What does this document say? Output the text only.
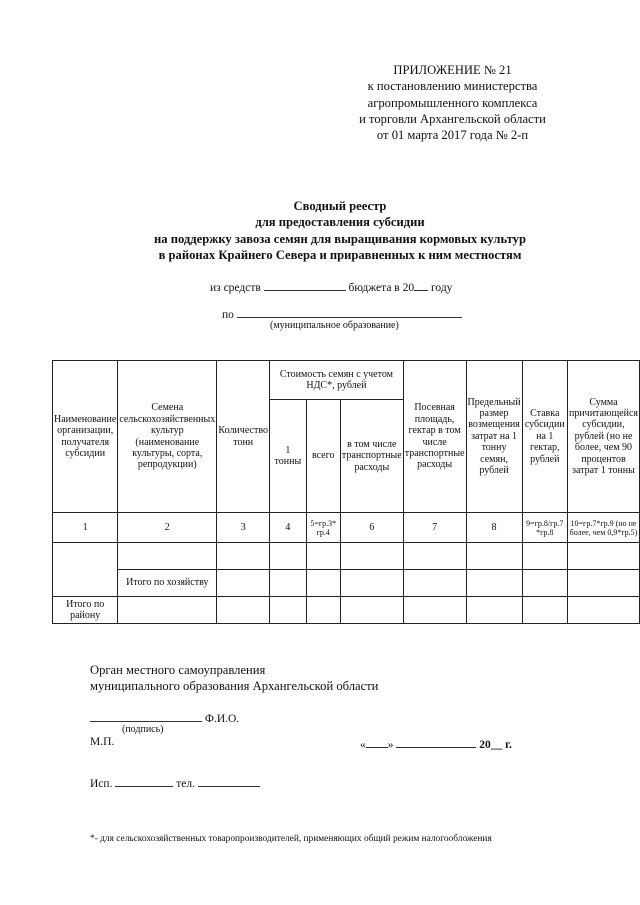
ПРИЛОЖЕНИЕ № 21
к постановлению министерства
агропромышленного комплекса
и торговли Архангельской области
от 01 марта 2017 года № 2-п
Сводный реестр
для предоставления субсидии
на поддержку завоза семян для выращивания кормовых культур
в районах Крайнего Севера и приравненных к ним местностям
из средств	бюджета в 20 году
по
(муниципальное образование)
Наименование организации, получателя субсидии	Семена сельскохозяйственных культур (наименование культуры, сорта, репродукции)	Количество тонн	Стоимость семян с учетом НДС*, рублей			Посевная площадь, гектар в том числе транспортные расходы	Предельный размер возмещения затрат на 1 тонну семян, рублей	Ставка субсидии на 1 гектар, рублей	Сумма причитающейся субсидии, рублей (но не более, чем 90 процентов затрат 1 тонны
			1 тонны	всего	в том числе транспортные расходы				
1	2	3	4	5=гр.3* гр.4	6	7	8	9=гр.8/гр.7 *гр.8	10=гр.7*гр.9 (но не более, чем 0,9*гр.5)

	Итого по хозяйству								
Итого по району									
Орган местного самоуправления
муниципального образования Архангельской области
Ф.И.О.
(подпись)
М.П.	« »	20__ г.
Исп.	тел.
*- для сельскохозяйственных товаропроизводителей, применяющих общий режим налогообложения
